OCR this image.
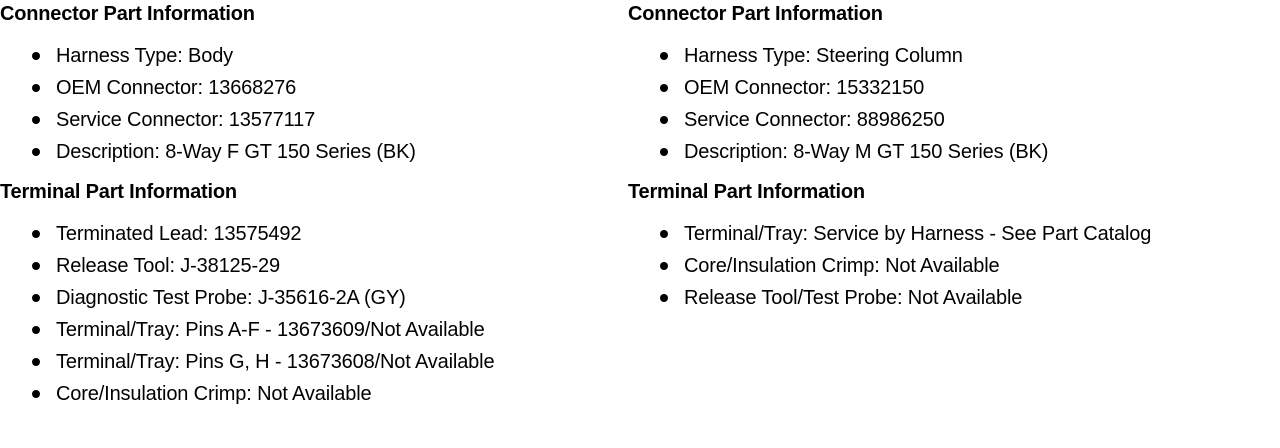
Connector Part Information
Harness Type: Body
OEM Connector: 13668276
Service Connector: 13577117
Description: 8-Way F GT 150 Series (BK)
Terminal Part Information
Terminated Lead: 13575492
Release Tool: J-38125-29
Diagnostic Test Probe: J-35616-2A (GY)
Terminal/Tray: Pins A-F - 13673609/Not Available
Terminal/Tray: Pins G, H - 13673608/Not Available
Core/Insulation Crimp: Not Available
Connector Part Information
Harness Type: Steering Column
OEM Connector: 15332150
Service Connector: 88986250
Description: 8-Way M GT 150 Series (BK)
Terminal Part Information
Terminal/Tray: Service by Harness - See Part Catalog
Core/Insulation Crimp: Not Available
Release Tool/Test Probe: Not Available
